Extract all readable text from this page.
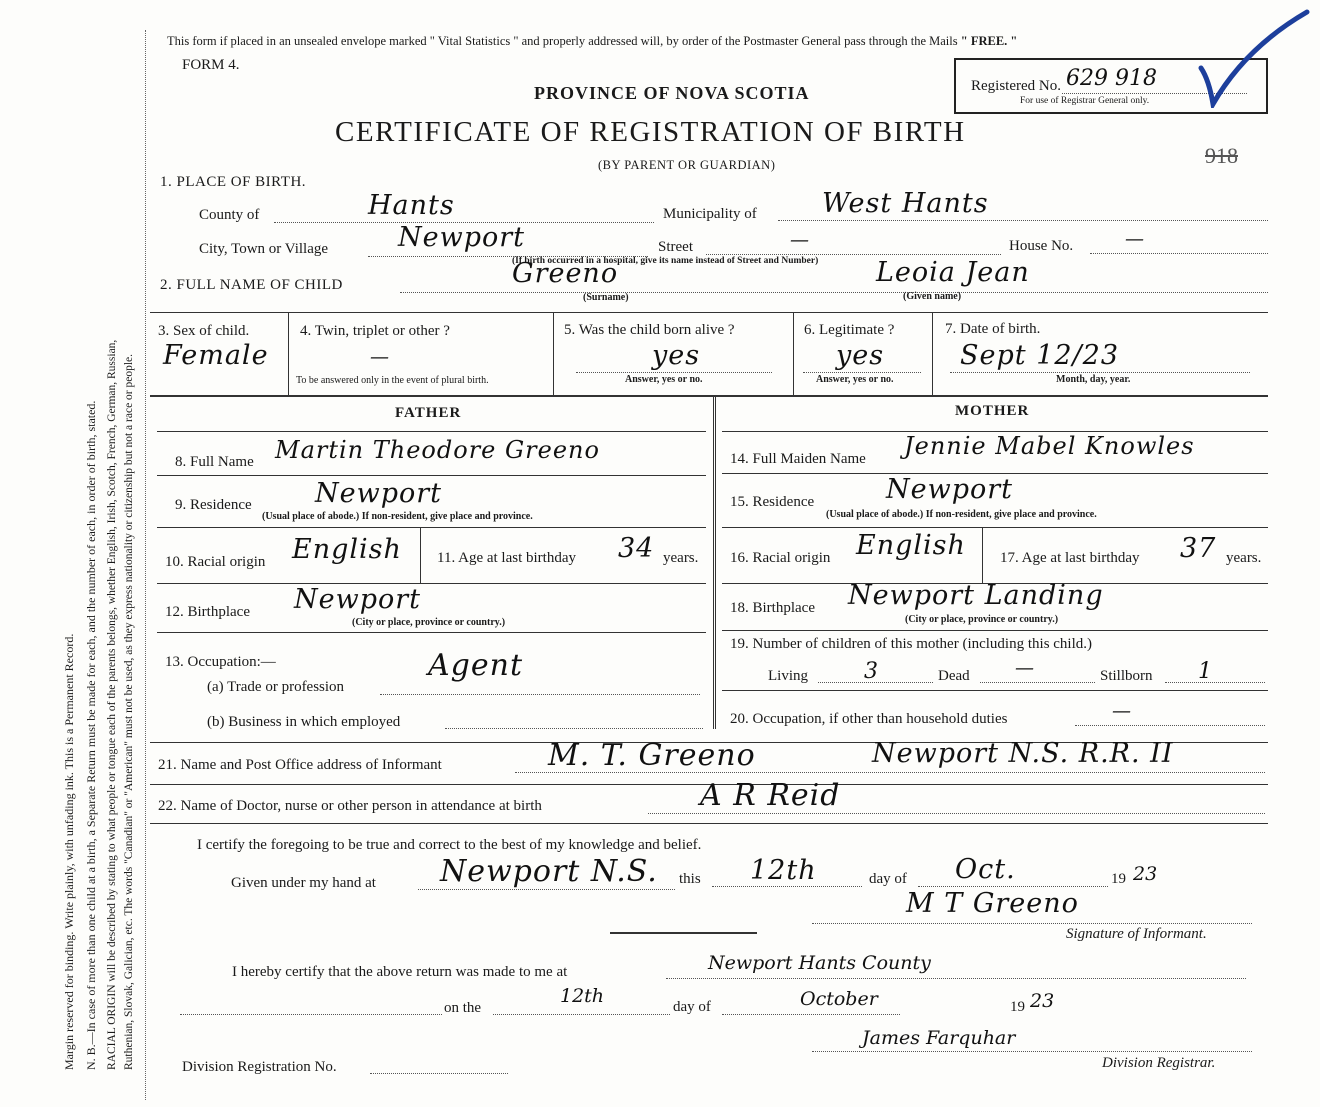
Margin reserved for binding. Write plainly, with unfading ink. This is a Permanent Record. N. B.—In case of more than one child at a birth, a Separate Return must be made for each, and the number of each, in order of birth, stated. RACIAL ORIGIN will be described by stating to what people or tongue each of the parents belongs, whether English, Irish, Scotch, French, German, Russian, Ruthenian, Slovak, Galician, etc. The words "Canadian" or "American" must not be used, as they express nationality or citizenship but not a race or people.
This form if placed in an unsealed envelope marked " Vital Statistics " and properly addressed will, by order of the Postmaster General pass through the Mails " FREE. "
FORM 4.
PROVINCE OF NOVA SCOTIA
CERTIFICATE OF REGISTRATION OF BIRTH
(BY PARENT OR GUARDIAN)
Registered No. 629 918
For use of Registrar General only.
918
1. PLACE OF BIRTH.
County of	Hants	Municipality of West Hants
City, Town or Village	Newport	Street	—	House No.	—
(If birth occurred in a hospital, give its name instead of Street and Number)
2. FULL NAME OF CHILD	Greeno
(Surname)
Leoia Jean
(Given name)
3. Sex of child.
Female
4. Twin, triplet or other ?
—
To be answered only in the event of plural birth.
5. Was the child born alive ?
yes
Answer, yes or no.
6. Legitimate ?
yes
Answer, yes or no.
7. Date of birth.
Sept 12/23
Month, day, year.
FATHER	MOTHER
8. Full Name Martin Theodore Greeno
9. Residence Newport
(Usual place of abode.) If non-resident, give place and province.
10. Racial origin English 11. Age at last birthday 34 years.
12. Birthplace Newport
(City or place, province or country.)
13. Occupation:—
(a) Trade or profession
Agent
(b) Business in which employed
14. Full Maiden Name Jennie Mabel Knowles
15. Residence	Newport
(Usual place of abode.) If non-resident, give place and province.
16. Racial origin English 17. Age at last birthday 37 years.
18. Birthplace Newport Landing
(City or place, province or country.)
19. Number of children of this mother (including this child.)
Living	3	Dead —	Stillborn 1
20. Occupation, if other than household duties	—
21. Name and Post Office address of Informant	M. T. Greeno	Newport N.S. R.R. II
22. Name of Doctor, nurse or other person in attendance at birth	A R Reid
I certify the foregoing to be true and correct to the best of my knowledge and belief.
Given under my hand at Newport N.S. this 12th	day of Oct.	19 23
M T Greeno
Signature of Informant.
I hereby certify that the above return was made to me at	Newport Hants County
on the
12th	day of	October	19 23
James Farquhar
Division Registrar.
Division Registration No.
